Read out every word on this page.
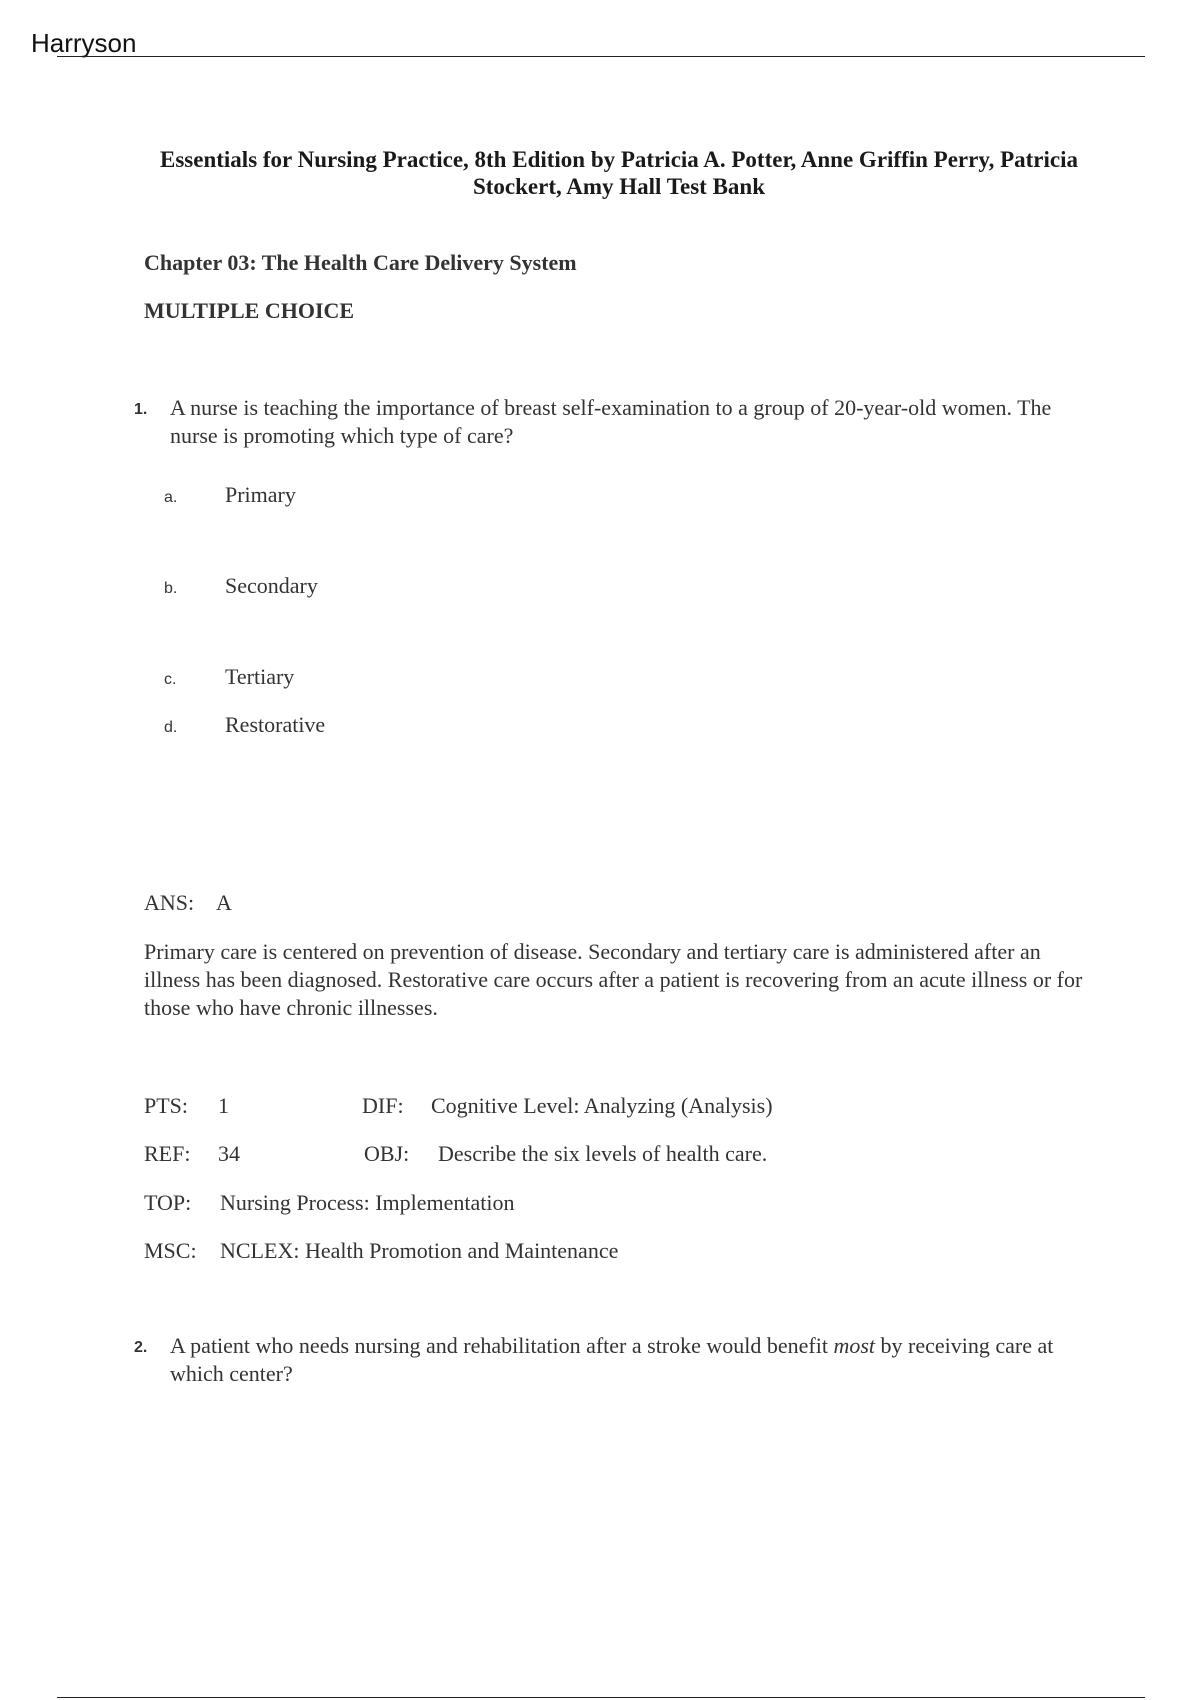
Harryson
Essentials for Nursing Practice, 8th Edition by Patricia A. Potter, Anne Griffin Perry, Patricia Stockert, Amy Hall Test Bank
Chapter 03: The Health Care Delivery System
MULTIPLE CHOICE
1. A nurse is teaching the importance of breast self-examination to a group of 20-year-old women. The nurse is promoting which type of care?

a. Primary
b. Secondary
c. Tertiary
d. Restorative
ANS: A

Primary care is centered on prevention of disease. Secondary and tertiary care is administered after an illness has been diagnosed. Restorative care occurs after a patient is recovering from an acute illness or for those who have chronic illnesses.

PTS: 1	DIF: Cognitive Level: Analyzing (Analysis)
REF: 34	OBJ: Describe the six levels of health care.
TOP: Nursing Process: Implementation
MSC: NCLEX: Health Promotion and Maintenance
2. A patient who needs nursing and rehabilitation after a stroke would benefit most by receiving care at which center?
